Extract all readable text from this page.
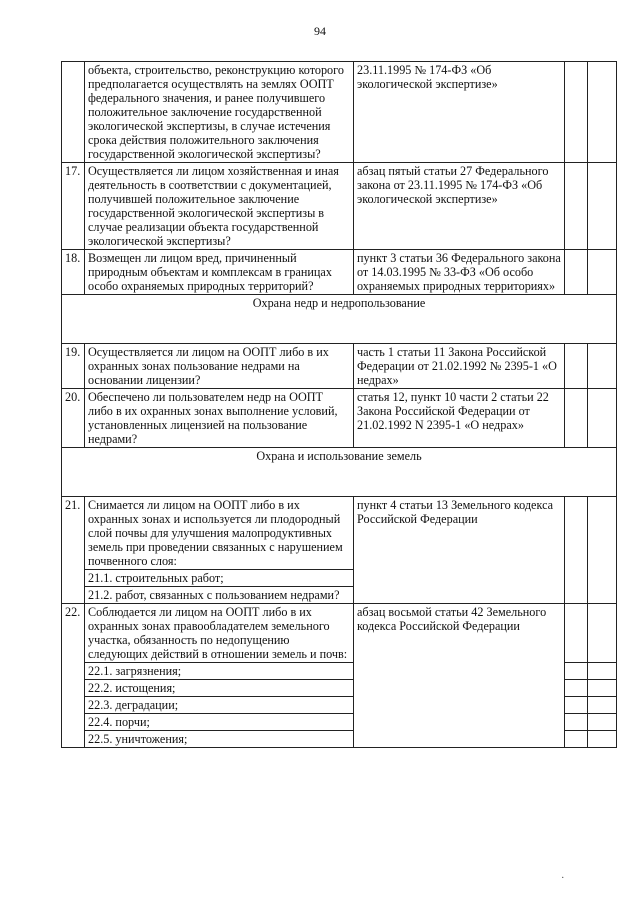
94
	объекта, строительство, реконструкцию которого предполагается осуществлять на землях ООПТ федерального значения, и ранее получившего положительное заключение государственной экологической экспертизы, в случае истечения срока действия положительного заключения государственной экологической экспертизы?	23.11.1995 № 174-ФЗ «Об экологической экспертизе»		
17.	Осуществляется ли лицом хозяйственная и иная деятельность в соответствии с документацией, получившей положительное заключение государственной экологической экспертизы в случае реализации объекта государственной экологической экспертизы?	абзац пятый статьи 27 Федерального закона от 23.11.1995 № 174-ФЗ «Об экологической экспертизе»		
18.	Возмещен ли лицом вред, причиненный природным объектам и комплексам в границах особо охраняемых природных территорий?	пункт 3 статьи 36 Федерального закона от 14.03.1995 № 33-ФЗ «Об особо охраняемых природных территориях»		
Охрана недр и недропользование				
19.	Осуществляется ли лицом на ООПТ либо в их охранных зонах пользование недрами на основании лицензии?	часть 1 статьи 11 Закона Российской Федерации от 21.02.1992 № 2395-1 «О недрах»		
20.	Обеспечено ли пользователем недр на ООПТ либо в их охранных зонах выполнение условий, установленных лицензией на пользование недрами?	статья 12, пункт 10 части 2 статьи 22 Закона Российской Федерации от 21.02.1992 N 2395-1 «О недрах»		
Охрана и использование земель				
21.	Снимается ли лицом на ООПТ либо в их охранных зонах и используется ли плодородный слой почвы для улучшения малопродуктивных земель при проведении связанных с нарушением почвенного слоя:	пункт 4 статьи 13 Земельного кодекса Российской Федерации		
	21.1. строительных работ;			
	21.2. работ, связанных с пользованием недрами?			
22.	Соблюдается ли лицом на ООПТ либо в их охранных зонах правообладателем земельного участка, обязанность по недопущению следующих действий в отношении земель и почв:	абзац восьмой статьи 42 Земельного кодекса Российской Федерации		
	22.1. загрязнения;			
	22.2. истощения;			
	22.3. деградации;			
	22.4. порчи;			
	22.5. уничтожения;			
.
